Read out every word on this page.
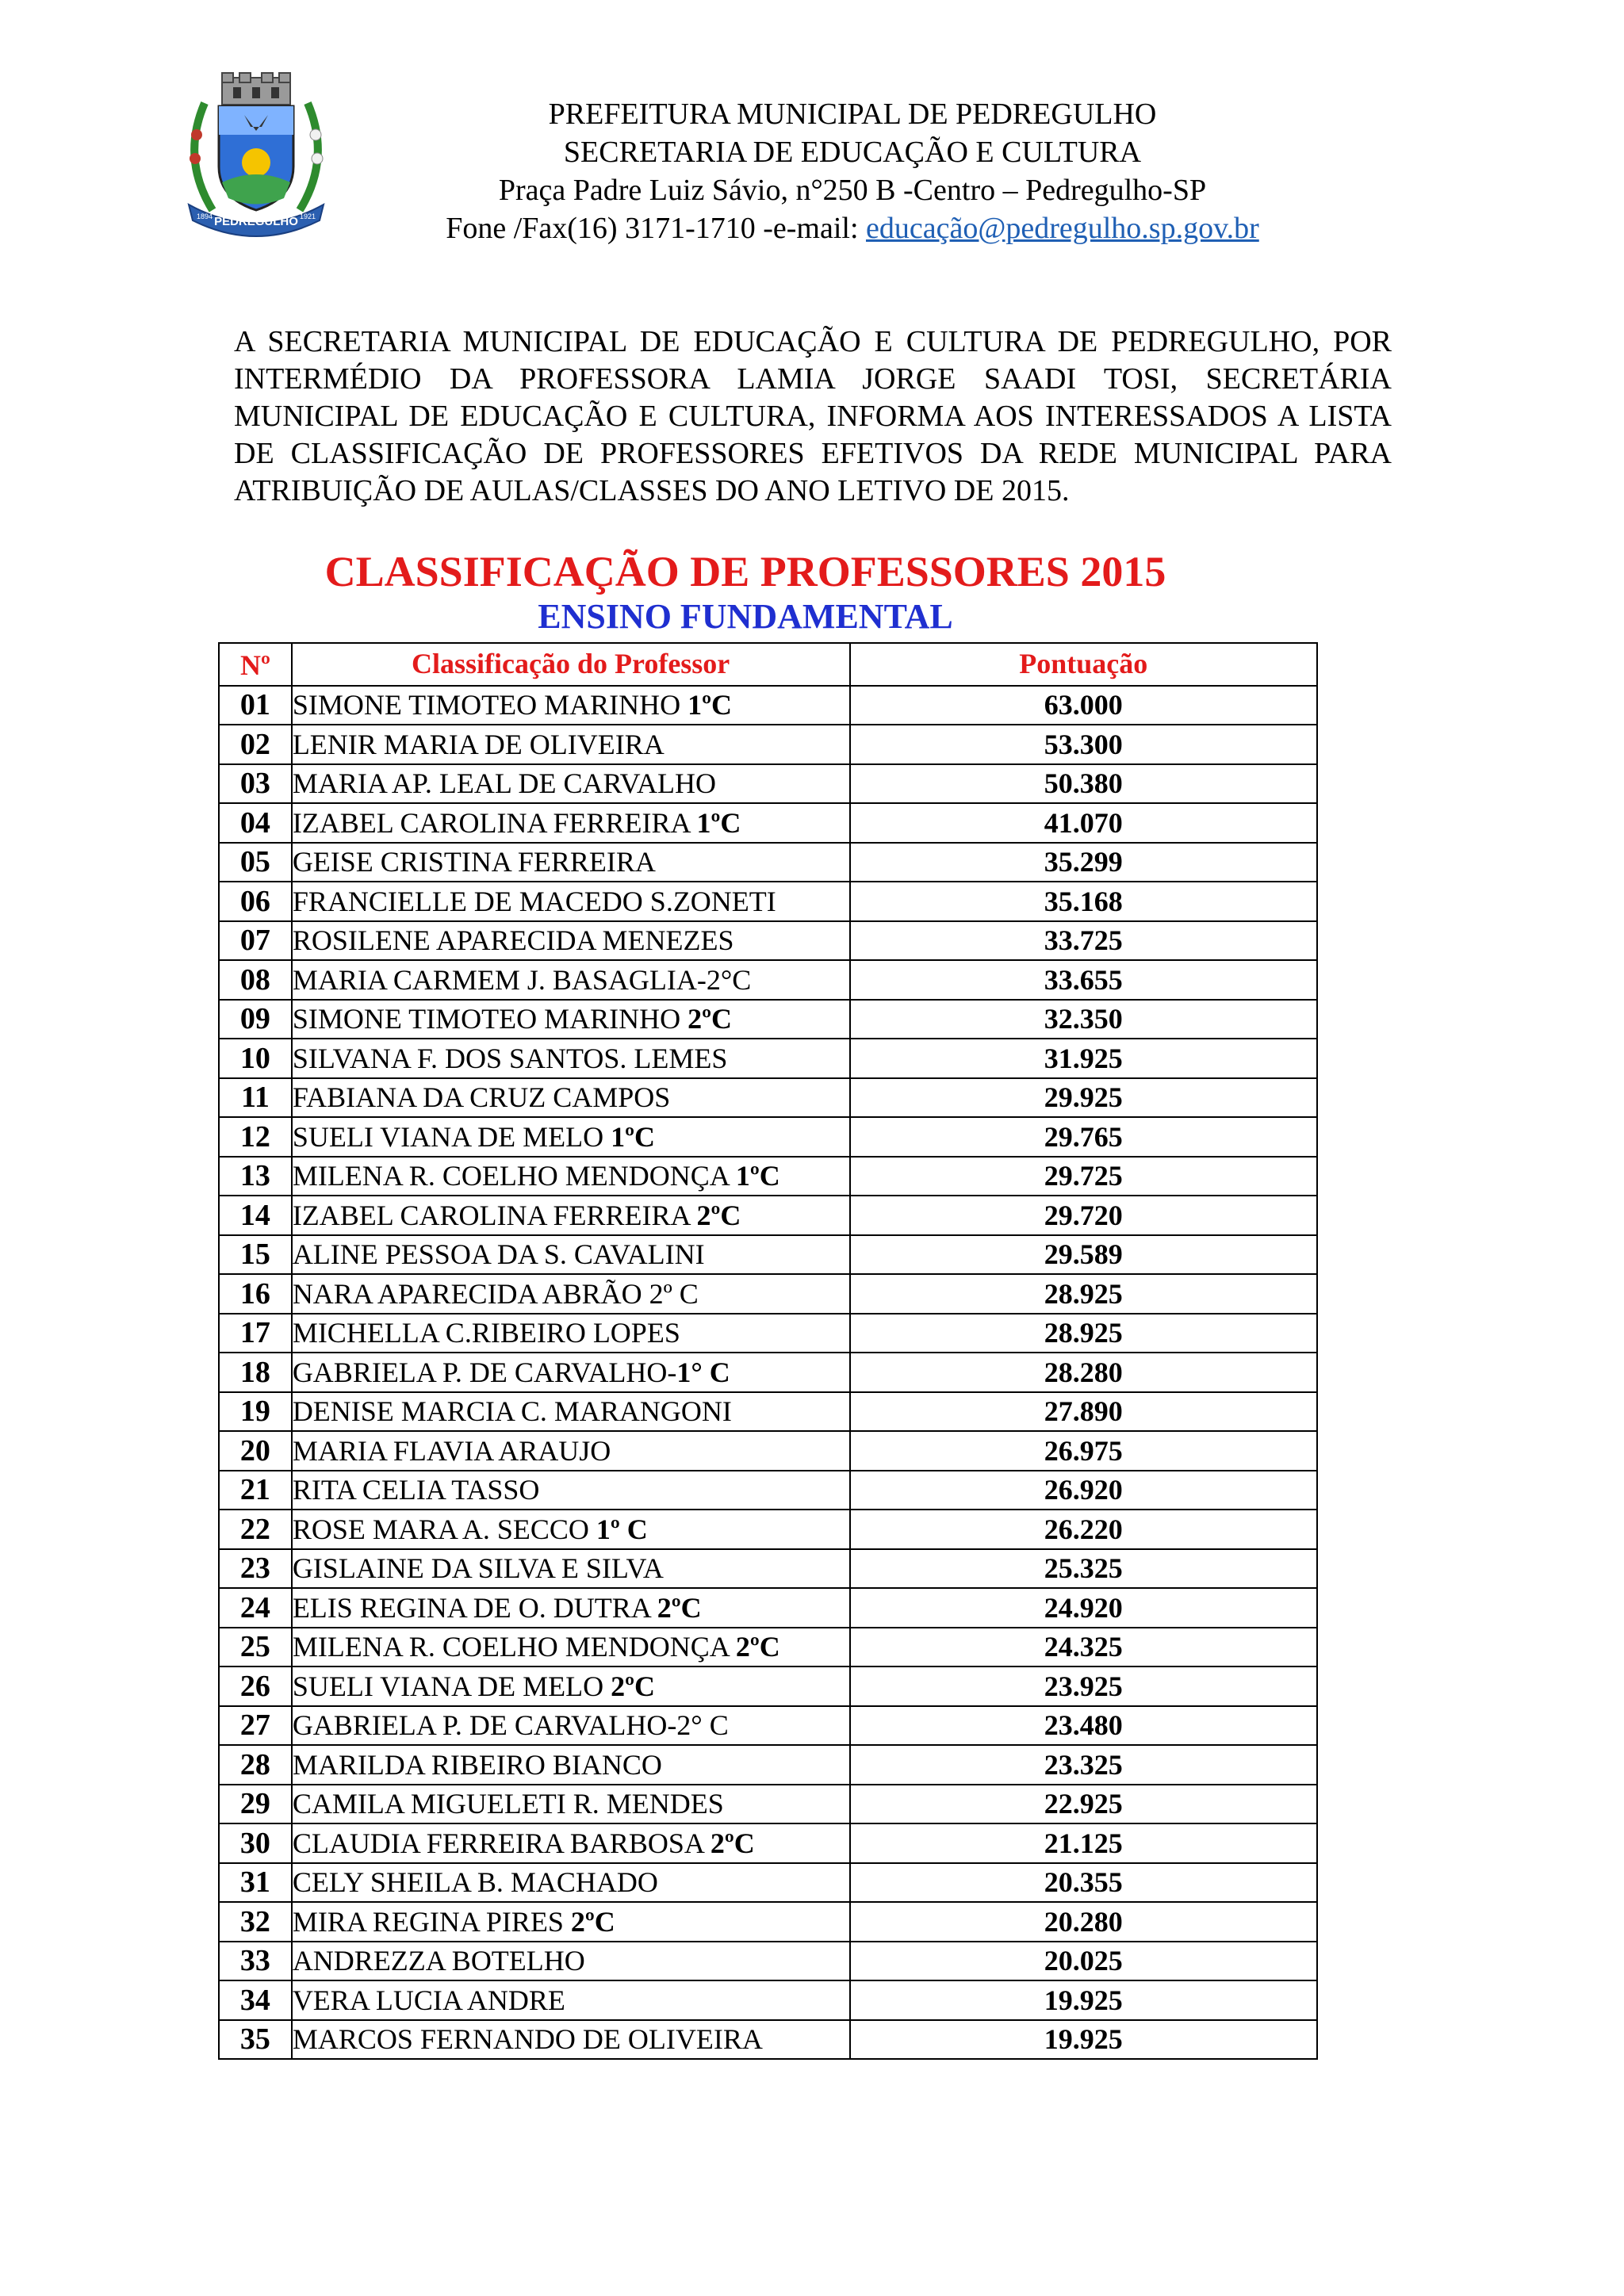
PEDREGULHO
1894	1921
PREFEITURA MUNICIPAL DE PEDREGULHO
SECRETARIA DE EDUCAÇÃO E CULTURA
Praça Padre Luiz Sávio, n°250 B -Centro – Pedregulho-SP
Fone /Fax(16) 3171-1710 -e-mail: educação@pedregulho.sp.gov.br
A SECRETARIA MUNICIPAL DE EDUCAÇÃO E CULTURA DE PEDREGULHO, POR INTERMÉDIO DA PROFESSORA LAMIA JORGE SAADI TOSI, SECRETÁRIA MUNICIPAL DE EDUCAÇÃO E CULTURA, INFORMA AOS INTERESSADOS A LISTA DE CLASSIFICAÇÃO DE PROFESSORES EFETIVOS DA REDE MUNICIPAL PARA ATRIBUIÇÃO DE AULAS/CLASSES DO ANO LETIVO DE 2015.
CLASSIFICAÇÃO DE PROFESSORES 2015
ENSINO FUNDAMENTAL
Nº	Classificação do Professor	Pontuação
01	SIMONE TIMOTEO MARINHO 1ºC	63.000
02	LENIR MARIA DE OLIVEIRA	53.300
03	MARIA AP. LEAL DE CARVALHO	50.380
04	IZABEL CAROLINA FERREIRA 1ºC	41.070
05	GEISE CRISTINA FERREIRA	35.299
06	FRANCIELLE DE MACEDO S.ZONETI	35.168
07	ROSILENE APARECIDA MENEZES	33.725
08	MARIA CARMEM J. BASAGLIA-2°C	33.655
09	SIMONE TIMOTEO MARINHO 2ºC	32.350
10	SILVANA F. DOS SANTOS. LEMES	31.925
11	FABIANA DA CRUZ CAMPOS	29.925
12	SUELI VIANA DE MELO 1ºC	29.765
13	MILENA R. COELHO MENDONÇA 1ºC	29.725
14	IZABEL CAROLINA FERREIRA 2ºC	29.720
15	ALINE PESSOA DA S. CAVALINI	29.589
16	NARA APARECIDA ABRÃO 2º C	28.925
17	MICHELLA C.RIBEIRO LOPES	28.925
18	GABRIELA P. DE CARVALHO-1° C	28.280
19	DENISE MARCIA C. MARANGONI	27.890
20	MARIA FLAVIA ARAUJO	26.975
21	RITA CELIA TASSO	26.920
22	ROSE MARA A. SECCO 1º C	26.220
23	GISLAINE DA SILVA E SILVA	25.325
24	ELIS REGINA DE O. DUTRA 2ºC	24.920
25	MILENA R. COELHO MENDONÇA 2ºC	24.325
26	SUELI VIANA DE MELO 2ºC	23.925
27	GABRIELA P. DE CARVALHO-2° C	23.480
28	MARILDA RIBEIRO BIANCO	23.325
29	CAMILA MIGUELETI R. MENDES	22.925
30	CLAUDIA FERREIRA BARBOSA 2ºC	21.125
31	CELY SHEILA B. MACHADO	20.355
32	MIRA REGINA PIRES 2ºC	20.280
33	ANDREZZA BOTELHO	20.025
34	VERA LUCIA ANDRE	19.925
35	MARCOS FERNANDO DE OLIVEIRA	19.925
